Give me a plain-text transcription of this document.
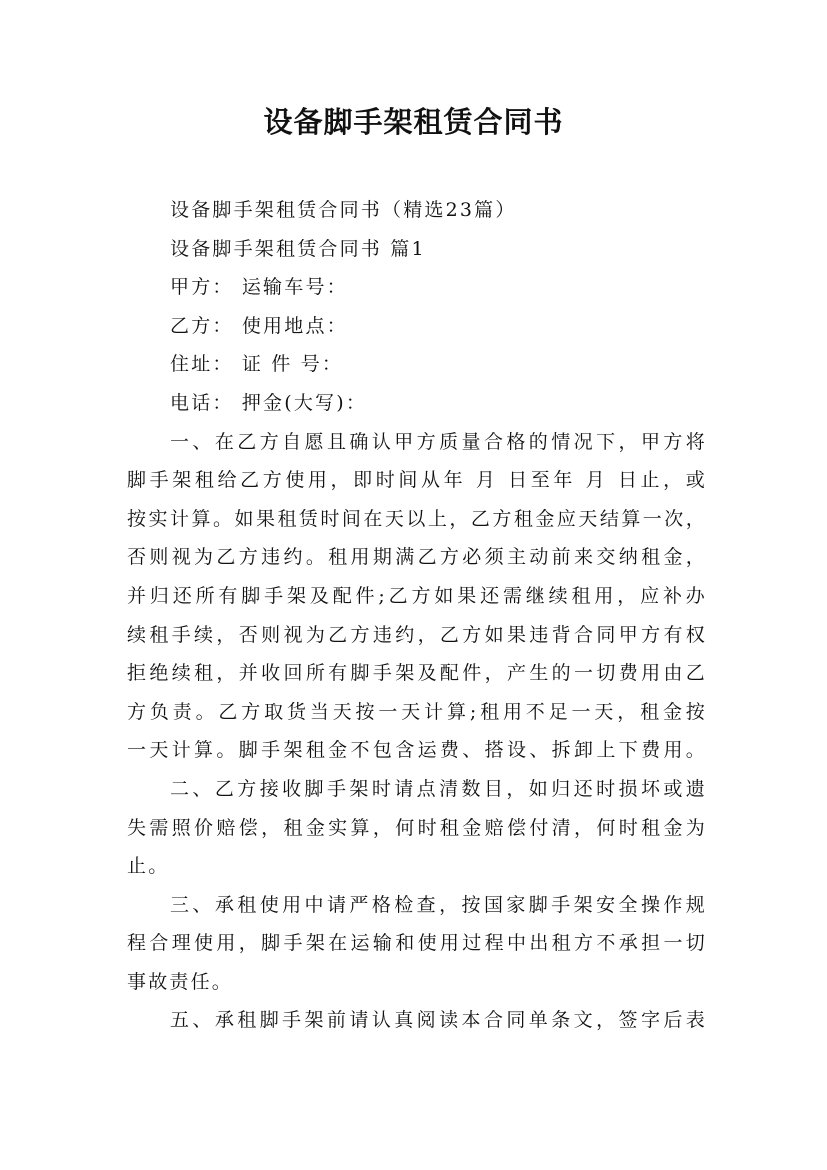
设备脚手架租赁合同书
设备脚手架租赁合同书（精选23篇）
设备脚手架租赁合同书 篇1
甲方： 运输车号：
乙方： 使用地点：
住址： 证 件 号：
电话： 押金(大写)：
一、在乙方自愿且确认甲方质量合格的情况下，甲方将
脚手架租给乙方使用，即时间从年 月 日至年 月 日止，或
按实计算。如果租赁时间在天以上，乙方租金应天结算一次，
否则视为乙方违约。租用期满乙方必须主动前来交纳租金，
并归还所有脚手架及配件;乙方如果还需继续租用，应补办
续租手续，否则视为乙方违约，乙方如果违背合同甲方有权
拒绝续租，并收回所有脚手架及配件，产生的一切费用由乙
方负责。乙方取货当天按一天计算;租用不足一天，租金按
一天计算。脚手架租金不包含运费、搭设、拆卸上下费用。
二、乙方接收脚手架时请点清数目，如归还时损坏或遗
失需照价赔偿，租金实算，何时租金赔偿付清，何时租金为
止。
三、承租使用中请严格检查，按国家脚手架安全操作规
程合理使用，脚手架在运输和使用过程中出租方不承担一切
事故责任。
五、承租脚手架前请认真阅读本合同单条文，签字后表
